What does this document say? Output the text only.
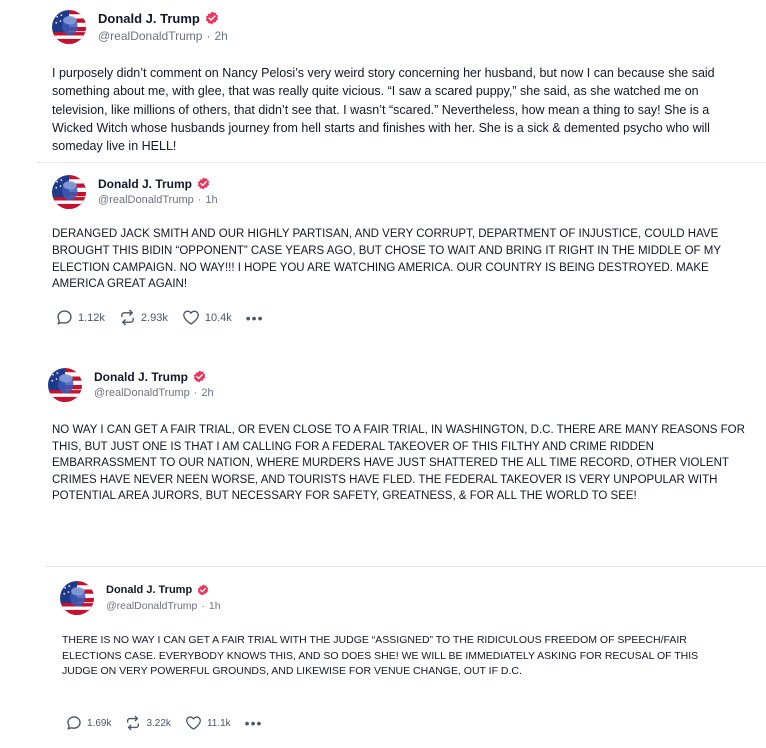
Donald J. Trump
@realDonaldTrump · 2h
I purposely didn’t comment on Nancy Pelosi’s very weird story concerning her husband, but now I can because she said something about me, with glee, that was really quite vicious. “I saw a scared puppy,” she said, as she watched me on television, like millions of others, that didn’t see that. I wasn’t “scared.” Nevertheless, how mean a thing to say! She is a Wicked Witch whose husbands journey from hell starts and finishes with her. She is a sick & demented psycho who will someday live in HELL!
Donald J. Trump
@realDonaldTrump · 1h
DERANGED JACK SMITH AND OUR HIGHLY PARTISAN, AND VERY CORRUPT, DEPARTMENT OF INJUSTICE, COULD HAVE BROUGHT THIS BIDIN “OPPONENT” CASE YEARS AGO, BUT CHOSE TO WAIT AND BRING IT RIGHT IN THE MIDDLE OF MY ELECTION CAMPAIGN. NO WAY!!! I HOPE YOU ARE WATCHING AMERICA. OUR COUNTRY IS BEING DESTROYED. MAKE AMERICA GREAT AGAIN!
1.12k	2.93k	10.4k •••
Donald J. Trump
@realDonaldTrump · 2h
NO WAY I CAN GET A FAIR TRIAL, OR EVEN CLOSE TO A FAIR TRIAL, IN WASHINGTON, D.C. THERE ARE MANY REASONS FOR THIS, BUT JUST ONE IS THAT I AM CALLING FOR A FEDERAL TAKEOVER OF THIS FILTHY AND CRIME RIDDEN EMBARRASSMENT TO OUR NATION, WHERE MURDERS HAVE JUST SHATTERED THE ALL TIME RECORD, OTHER VIOLENT CRIMES HAVE NEVER NEEN WORSE, AND TOURISTS HAVE FLED. THE FEDERAL TAKEOVER IS VERY UNPOPULAR WITH POTENTIAL AREA JURORS, BUT NECESSARY FOR SAFETY, GREATNESS, & FOR ALL THE WORLD TO SEE!
Donald J. Trump
@realDonaldTrump · 1h
THERE IS NO WAY I CAN GET A FAIR TRIAL WITH THE JUDGE “ASSIGNED” TO THE RIDICULOUS FREEDOM OF SPEECH/FAIR ELECTIONS CASE. EVERYBODY KNOWS THIS, AND SO DOES SHE! WE WILL BE IMMEDIATELY ASKING FOR RECUSAL OF THIS JUDGE ON VERY POWERFUL GROUNDS, AND LIKEWISE FOR VENUE CHANGE, OUT IF D.C.
1.69k	3.22k	11.1k •••
